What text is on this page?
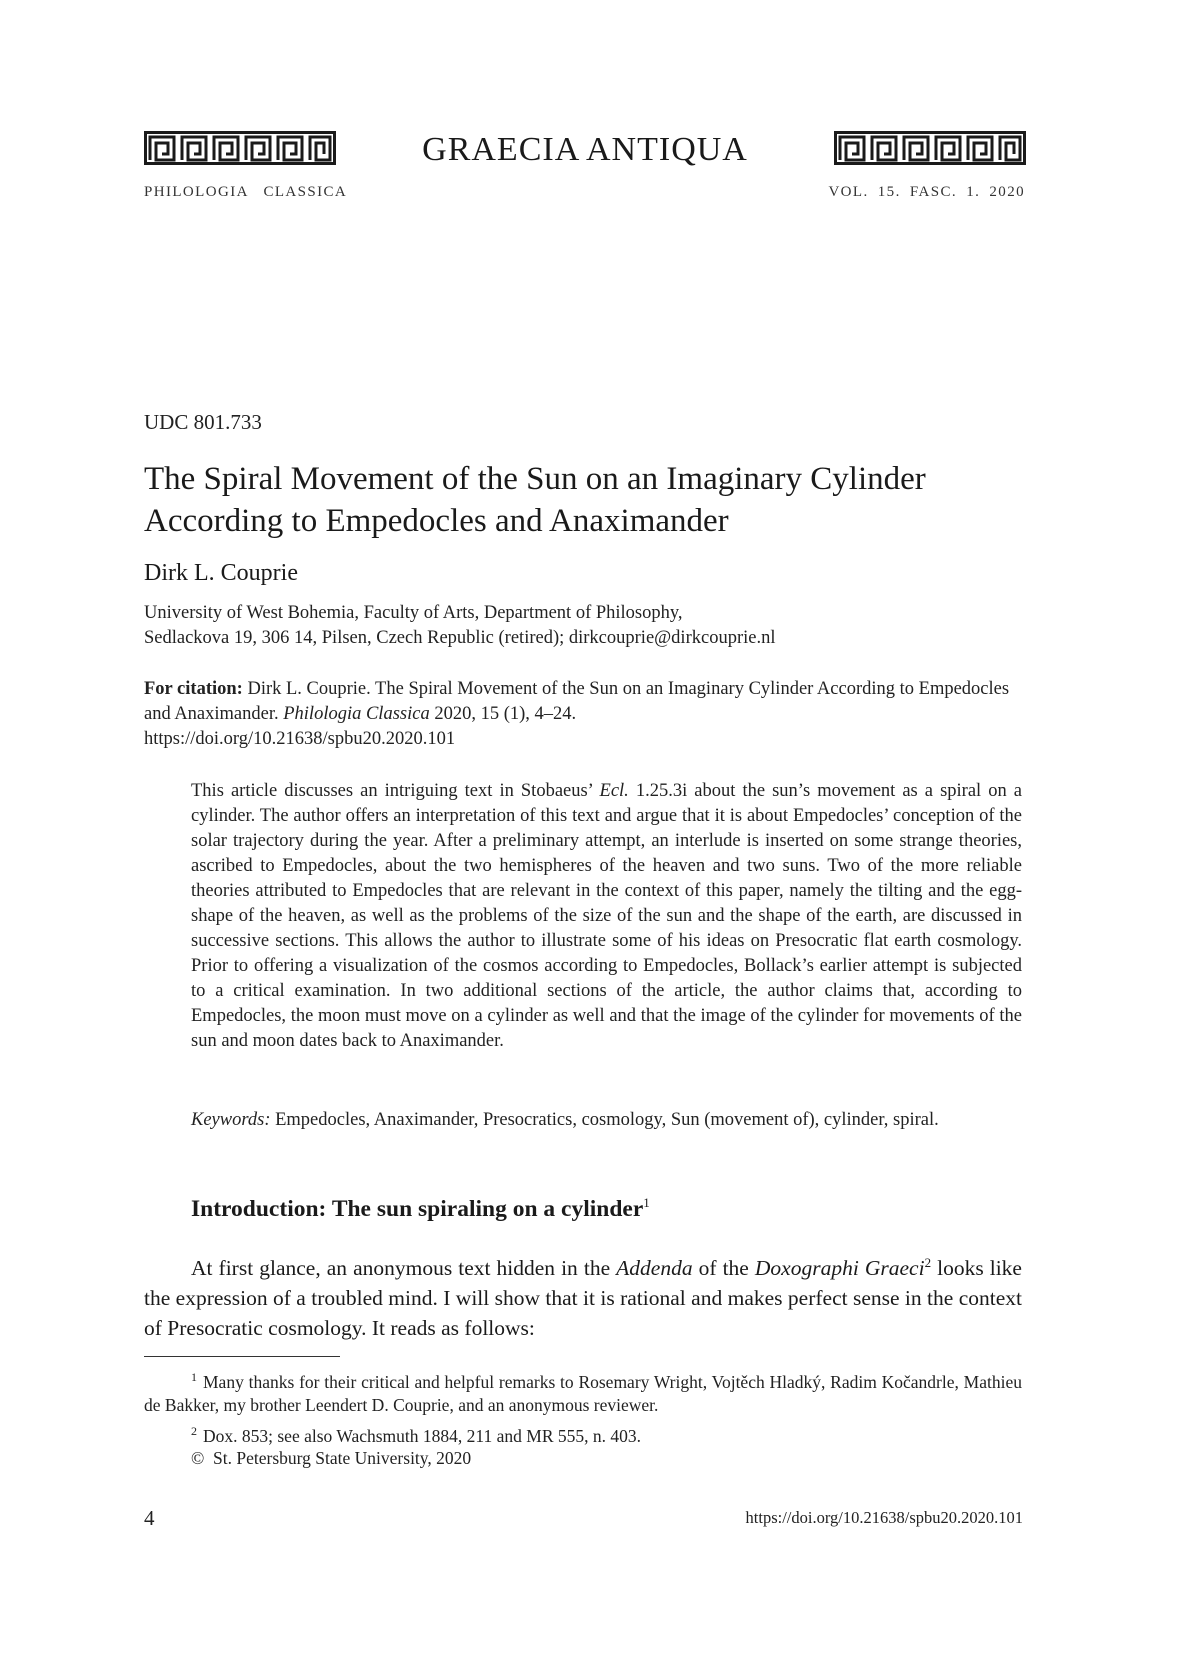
GRAECIA ANTIQUA
PHILOLOGIA   CLASSICA	VOL. 15. FASC. 1. 2020
UDC 801.733
The Spiral Movement of the Sun on an Imaginary Cylinder
According to Empedocles and Anaximander
Dirk L. Couprie
University of West Bohemia, Faculty of Arts, Department of Philosophy,
Sedlackova 19, 306 14, Pilsen, Czech Republic (retired); dirkcouprie@dirkcouprie.nl
For citation: Dirk L. Couprie. The Spiral Movement of the Sun on an Imaginary Cylinder According to Empedocles and Anaximander. Philologia Classica 2020, 15 (1), 4–24.
https://doi.org/10.21638/spbu20.2020.101

This article discusses an intriguing text in Stobaeus’ Ecl. 1.25.3i about the sun’s movement as a spiral on a cylinder. The author offers an interpretation of this text and argue that it is about Empedocles’ conception of the solar trajectory during the year. After a preliminary attempt, an interlude is inserted on some strange theories, ascribed to Empedocles, about the two hemispheres of the heaven and two suns. Two of the more reliable theories attributed to Empedocles that are relevant in the context of this paper, namely the tilting and the egg-shape of the heaven, as well as the problems of the size of the sun and the shape of the earth, are discussed in successive sections. This allows the author to illustrate some of his ideas on Presocratic flat earth cosmology. Prior to offering a visualization of the cosmos according to Empedocles, Bollack’s earlier attempt is subjected to a critical examination. In two additional sections of the article, the author claims that, according to Empedocles, the moon must move on a cylinder as well and that the image of the cylinder for movements of the sun and moon dates back to Anaximander.

Keywords: Empedocles, Anaximander, Presocratics, cosmology, Sun (movement of), cylinder, spiral.

Introduction: The sun spiraling on a cylinder$^1$

At first glance, an anonymous text hidden in the Addenda of the Doxographi Graeci$^2$ looks like the expression of a troubled mind. I will show that it is rational and makes perfect sense in the context of Presocratic cosmology. It reads as follows:

$^1$ Many thanks for their critical and helpful remarks to Rosemary Wright, Vojtěch Hladký, Radim Kočandrle, Mathieu de Bakker, my brother Leendert D. Couprie, and an anonymous reviewer.

$^2$ Dox. 853; see also Wachsmuth 1884, 211 and MR 555, n. 403.

©  St. Petersburg State University, 2020
4	https://doi.org/10.21638/spbu20.2020.101
